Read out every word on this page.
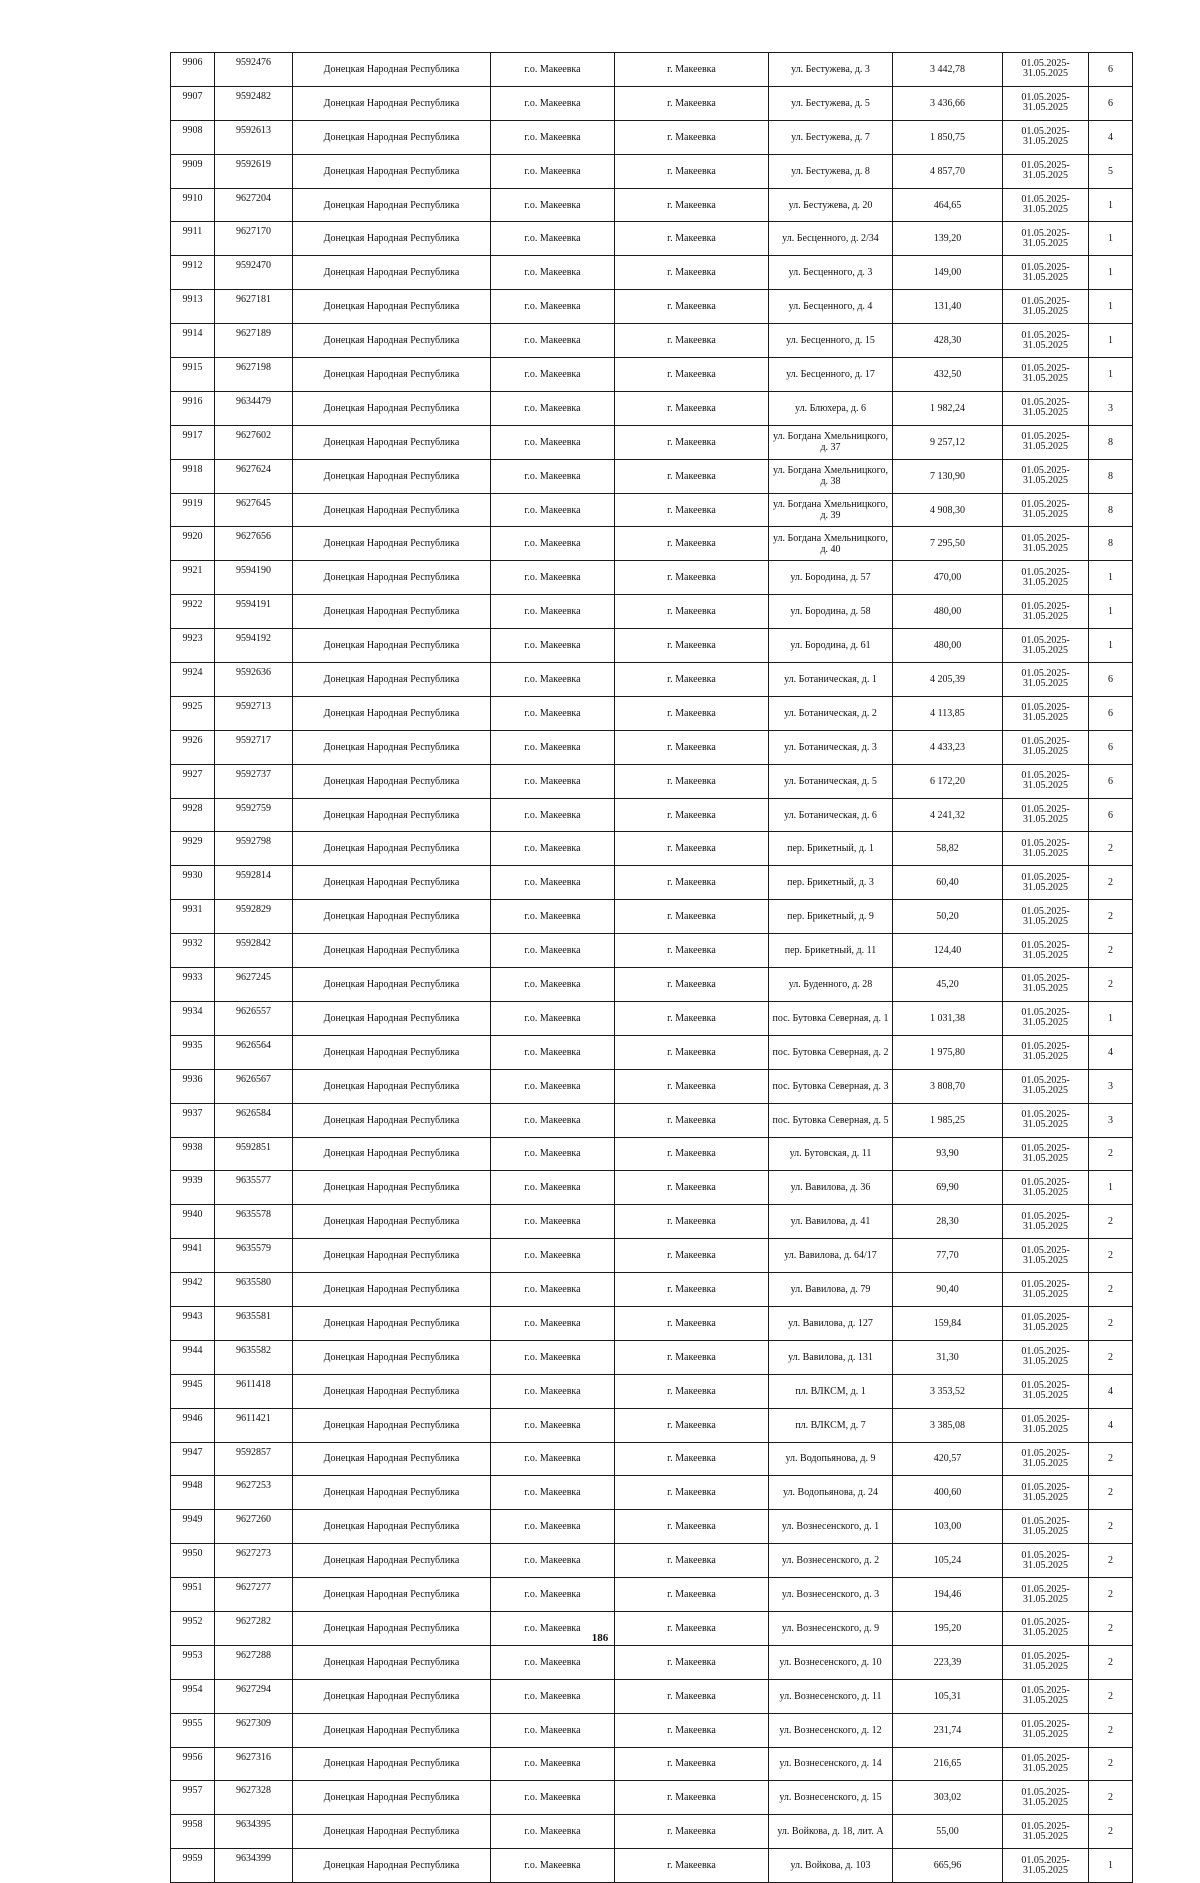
9906	9592476	Донецкая Народная Республика	г.о. Макеевка	г. Макеевка	ул. Бестужева, д. 3	3 442,78	01.05.2025-31.05.2025	6
9907	9592482	Донецкая Народная Республика	г.о. Макеевка	г. Макеевка	ул. Бестужева, д. 5	3 436,66	01.05.2025-31.05.2025	6
9908	9592613	Донецкая Народная Республика	г.о. Макеевка	г. Макеевка	ул. Бестужева, д. 7	1 850,75	01.05.2025-31.05.2025	4
9909	9592619	Донецкая Народная Республика	г.о. Макеевка	г. Макеевка	ул. Бестужева, д. 8	4 857,70	01.05.2025-31.05.2025	5
9910	9627204	Донецкая Народная Республика	г.о. Макеевка	г. Макеевка	ул. Бестужева, д. 20	464,65	01.05.2025-31.05.2025	1
9911	9627170	Донецкая Народная Республика	г.о. Макеевка	г. Макеевка	ул. Бесценного, д. 2/34	139,20	01.05.2025-31.05.2025	1
9912	9592470	Донецкая Народная Республика	г.о. Макеевка	г. Макеевка	ул. Бесценного, д. 3	149,00	01.05.2025-31.05.2025	1
9913	9627181	Донецкая Народная Республика	г.о. Макеевка	г. Макеевка	ул. Бесценного, д. 4	131,40	01.05.2025-31.05.2025	1
9914	9627189	Донецкая Народная Республика	г.о. Макеевка	г. Макеевка	ул. Бесценного, д. 15	428,30	01.05.2025-31.05.2025	1
9915	9627198	Донецкая Народная Республика	г.о. Макеевка	г. Макеевка	ул. Бесценного, д. 17	432,50	01.05.2025-31.05.2025	1
9916	9634479	Донецкая Народная Республика	г.о. Макеевка	г. Макеевка	ул. Блюхера, д. 6	1 982,24	01.05.2025-31.05.2025	3
9917	9627602	Донецкая Народная Республика	г.о. Макеевка	г. Макеевка	ул. Богдана Хмельницкого, д. 37	9 257,12	01.05.2025-31.05.2025	8
9918	9627624	Донецкая Народная Республика	г.о. Макеевка	г. Макеевка	ул. Богдана Хмельницкого, д. 38	7 130,90	01.05.2025-31.05.2025	8
9919	9627645	Донецкая Народная Республика	г.о. Макеевка	г. Макеевка	ул. Богдана Хмельницкого, д. 39	4 908,30	01.05.2025-31.05.2025	8
9920	9627656	Донецкая Народная Республика	г.о. Макеевка	г. Макеевка	ул. Богдана Хмельницкого, д. 40	7 295,50	01.05.2025-31.05.2025	8
9921	9594190	Донецкая Народная Республика	г.о. Макеевка	г. Макеевка	ул. Бородина, д. 57	470,00	01.05.2025-31.05.2025	1
9922	9594191	Донецкая Народная Республика	г.о. Макеевка	г. Макеевка	ул. Бородина, д. 58	480,00	01.05.2025-31.05.2025	1
9923	9594192	Донецкая Народная Республика	г.о. Макеевка	г. Макеевка	ул. Бородина, д. 61	480,00	01.05.2025-31.05.2025	1
9924	9592636	Донецкая Народная Республика	г.о. Макеевка	г. Макеевка	ул. Ботаническая, д. 1	4 205,39	01.05.2025-31.05.2025	6
9925	9592713	Донецкая Народная Республика	г.о. Макеевка	г. Макеевка	ул. Ботаническая, д. 2	4 113,85	01.05.2025-31.05.2025	6
9926	9592717	Донецкая Народная Республика	г.о. Макеевка	г. Макеевка	ул. Ботаническая, д. 3	4 433,23	01.05.2025-31.05.2025	6
9927	9592737	Донецкая Народная Республика	г.о. Макеевка	г. Макеевка	ул. Ботаническая, д. 5	6 172,20	01.05.2025-31.05.2025	6
9928	9592759	Донецкая Народная Республика	г.о. Макеевка	г. Макеевка	ул. Ботаническая, д. 6	4 241,32	01.05.2025-31.05.2025	6
9929	9592798	Донецкая Народная Республика	г.о. Макеевка	г. Макеевка	пер. Брикетный, д. 1	58,82	01.05.2025-31.05.2025	2
9930	9592814	Донецкая Народная Республика	г.о. Макеевка	г. Макеевка	пер. Брикетный, д. 3	60,40	01.05.2025-31.05.2025	2
9931	9592829	Донецкая Народная Республика	г.о. Макеевка	г. Макеевка	пер. Брикетный, д. 9	50,20	01.05.2025-31.05.2025	2
9932	9592842	Донецкая Народная Республика	г.о. Макеевка	г. Макеевка	пер. Брикетный, д. 11	124,40	01.05.2025-31.05.2025	2
9933	9627245	Донецкая Народная Республика	г.о. Макеевка	г. Макеевка	ул. Буденного, д. 28	45,20	01.05.2025-31.05.2025	2
9934	9626557	Донецкая Народная Республика	г.о. Макеевка	г. Макеевка	пос. Бутовка Северная, д. 1	1 031,38	01.05.2025-31.05.2025	1
9935	9626564	Донецкая Народная Республика	г.о. Макеевка	г. Макеевка	пос. Бутовка Северная, д. 2	1 975,80	01.05.2025-31.05.2025	4
9936	9626567	Донецкая Народная Республика	г.о. Макеевка	г. Макеевка	пос. Бутовка Северная, д. 3	3 808,70	01.05.2025-31.05.2025	3
9937	9626584	Донецкая Народная Республика	г.о. Макеевка	г. Макеевка	пос. Бутовка Северная, д. 5	1 985,25	01.05.2025-31.05.2025	3
9938	9592851	Донецкая Народная Республика	г.о. Макеевка	г. Макеевка	ул. Бутовская, д. 11	93,90	01.05.2025-31.05.2025	2
9939	9635577	Донецкая Народная Республика	г.о. Макеевка	г. Макеевка	ул. Вавилова, д. 36	69,90	01.05.2025-31.05.2025	1
9940	9635578	Донецкая Народная Республика	г.о. Макеевка	г. Макеевка	ул. Вавилова, д. 41	28,30	01.05.2025-31.05.2025	2
9941	9635579	Донецкая Народная Республика	г.о. Макеевка	г. Макеевка	ул. Вавилова, д. 64/17	77,70	01.05.2025-31.05.2025	2
9942	9635580	Донецкая Народная Республика	г.о. Макеевка	г. Макеевка	ул. Вавилова, д. 79	90,40	01.05.2025-31.05.2025	2
9943	9635581	Донецкая Народная Республика	г.о. Макеевка	г. Макеевка	ул. Вавилова, д. 127	159,84	01.05.2025-31.05.2025	2
9944	9635582	Донецкая Народная Республика	г.о. Макеевка	г. Макеевка	ул. Вавилова, д. 131	31,30	01.05.2025-31.05.2025	2
9945	9611418	Донецкая Народная Республика	г.о. Макеевка	г. Макеевка	пл. ВЛКСМ, д. 1	3 353,52	01.05.2025-31.05.2025	4
9946	9611421	Донецкая Народная Республика	г.о. Макеевка	г. Макеевка	пл. ВЛКСМ, д. 7	3 385,08	01.05.2025-31.05.2025	4
9947	9592857	Донецкая Народная Республика	г.о. Макеевка	г. Макеевка	ул. Водопьянова, д. 9	420,57	01.05.2025-31.05.2025	2
9948	9627253	Донецкая Народная Республика	г.о. Макеевка	г. Макеевка	ул. Водопьянова, д. 24	400,60	01.05.2025-31.05.2025	2
9949	9627260	Донецкая Народная Республика	г.о. Макеевка	г. Макеевка	ул. Вознесенского, д. 1	103,00	01.05.2025-31.05.2025	2
9950	9627273	Донецкая Народная Республика	г.о. Макеевка	г. Макеевка	ул. Вознесенского, д. 2	105,24	01.05.2025-31.05.2025	2
9951	9627277	Донецкая Народная Республика	г.о. Макеевка	г. Макеевка	ул. Вознесенского, д. 3	194,46	01.05.2025-31.05.2025	2
9952	9627282	Донецкая Народная Республика	г.о. Макеевка	г. Макеевка	ул. Вознесенского, д. 9	195,20	01.05.2025-31.05.2025	2
9953	9627288	Донецкая Народная Республика	г.о. Макеевка	г. Макеевка	ул. Вознесенского, д. 10	223,39	01.05.2025-31.05.2025	2
9954	9627294	Донецкая Народная Республика	г.о. Макеевка	г. Макеевка	ул. Вознесенского, д. 11	105,31	01.05.2025-31.05.2025	2
9955	9627309	Донецкая Народная Республика	г.о. Макеевка	г. Макеевка	ул. Вознесенского, д. 12	231,74	01.05.2025-31.05.2025	2
9956	9627316	Донецкая Народная Республика	г.о. Макеевка	г. Макеевка	ул. Вознесенского, д. 14	216,65	01.05.2025-31.05.2025	2
9957	9627328	Донецкая Народная Республика	г.о. Макеевка	г. Макеевка	ул. Вознесенского, д. 15	303,02	01.05.2025-31.05.2025	2
9958	9634395	Донецкая Народная Республика	г.о. Макеевка	г. Макеевка	ул. Войкова, д. 18, лит. А	55,00	01.05.2025-31.05.2025	2
9959	9634399	Донецкая Народная Республика	г.о. Макеевка	г. Макеевка	ул. Войкова, д. 103	665,96	01.05.2025-31.05.2025	1
186
